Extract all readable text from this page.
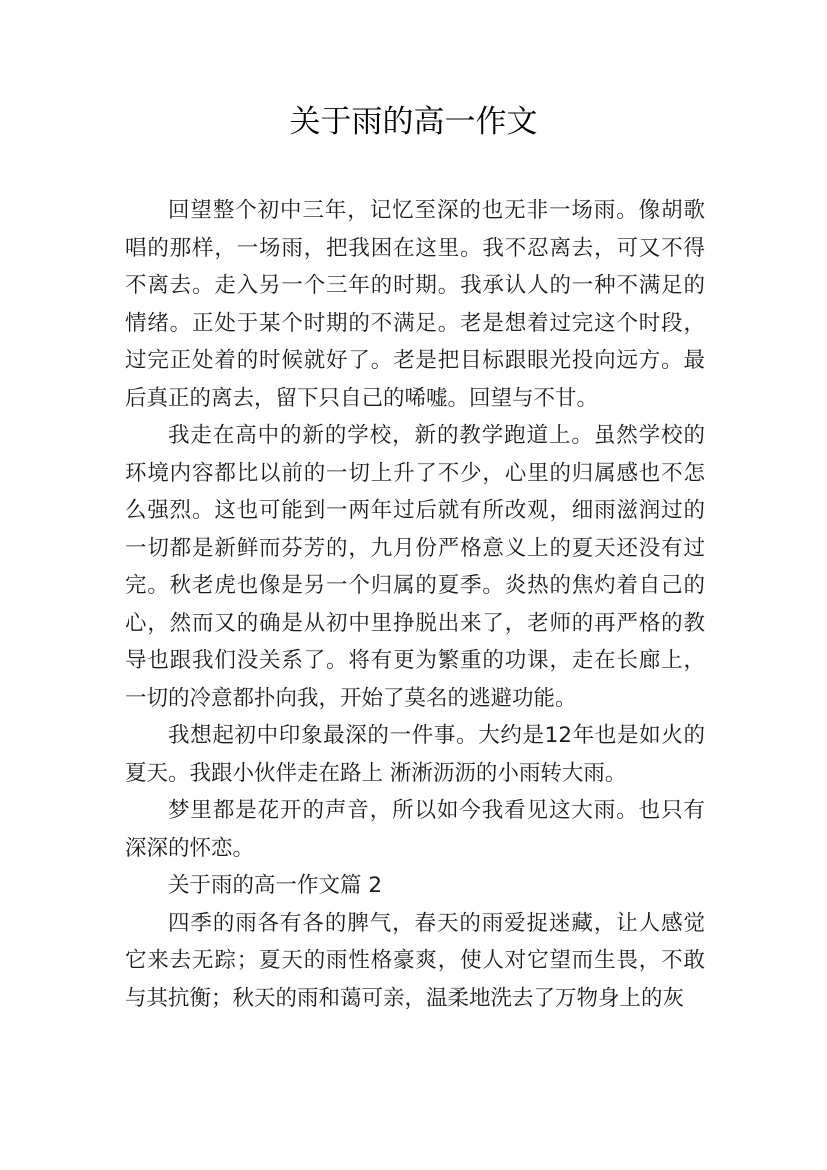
关于雨的高一作文

回望整个初中三年，记忆至深的也无非一场雨。像胡歌唱的那样，一场雨，把我困在这里。我不忍离去，可又不得不离去。走入另一个三年的时期。我承认人的一种不满足的情绪。正处于某个时期的不满足。老是想着过完这个时段，过完正处着的时候就好了。老是把目标跟眼光投向远方。最后真正的离去，留下只自己的唏嘘。回望与不甘。

我走在高中的新的学校，新的教学跑道上。虽然学校的环境内容都比以前的一切上升了不少，心里的归属感也不怎么强烈。这也可能到一两年过后就有所改观，细雨滋润过的一切都是新鲜而芬芳的，九月份严格意义上的夏天还没有过完。秋老虎也像是另一个归属的夏季。炎热的焦灼着自己的心，然而又的确是从初中里挣脱出来了，老师的再严格的教导也跟我们没关系了。将有更为繁重的功课，走在长廊上，一切的冷意都扑向我，开始了莫名的逃避功能。

我想起初中印象最深的一件事。大约是12年也是如火的夏天。我跟小伙伴走在路上 淅淅沥沥的小雨转大雨。

梦里都是花开的声音，所以如今我看见这大雨。也只有深深的怀恋。

关于雨的高一作文篇 2

四季的雨各有各的脾气，春天的雨爱捉迷藏，让人感觉它来去无踪；夏天的雨性格豪爽，使人对它望而生畏，不敢与其抗衡；秋天的雨和蔼可亲，温柔地洗去了万物身上的灰
